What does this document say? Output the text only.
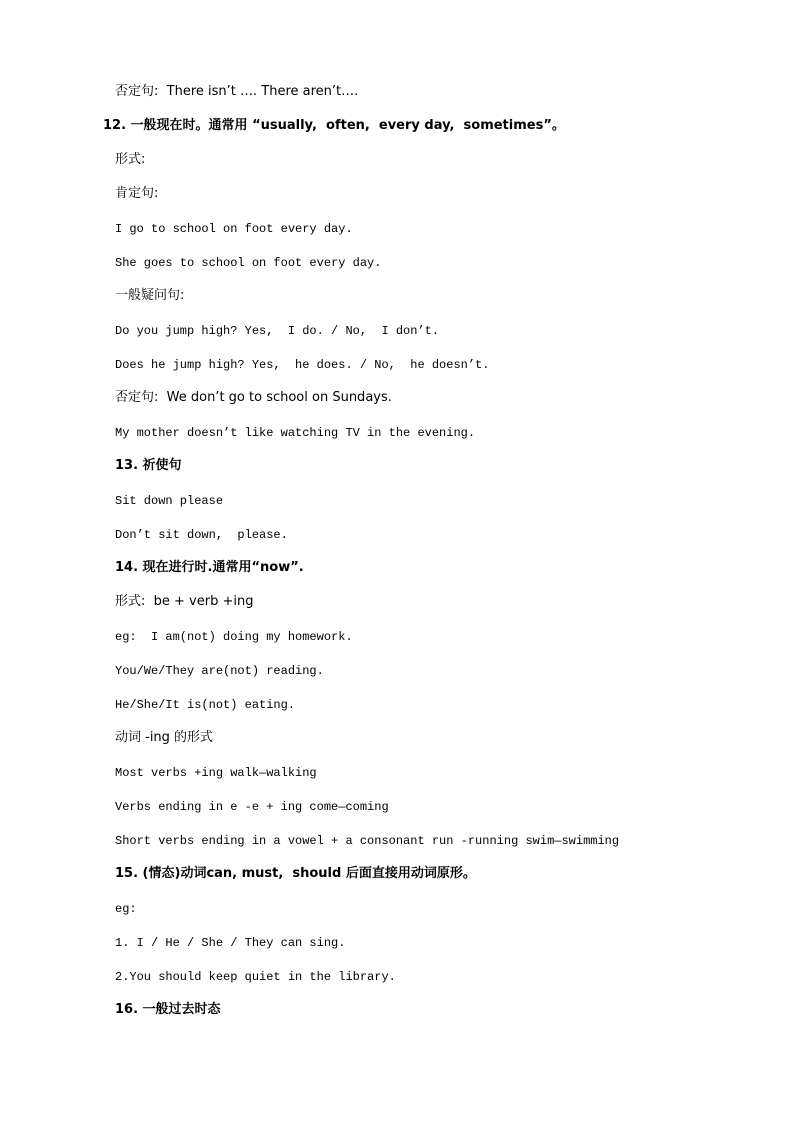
否定句:  There isn’t …. There aren’t….
12. 一般现在时。通常用 “usually,  often,  every day,  sometimes”。
形式:
肯定句:
I go to school on foot every day.
She goes to school on foot every day.
一般疑问句:
Do you jump high? Yes,  I do. / No,  I don’t.
Does he jump high? Yes,  he does. / No,  he doesn’t.
否定句:  We don’t go to school on Sundays.
My mother doesn’t like watching TV in the evening.
13. 祈使句
Sit down please
Don’t sit down,  please.
14. 现在进行时.通常用“now”.
形式:  be + verb +ing
eg:  I am(not) doing my homework.
You/We/They are(not) reading.
He/She/It is(not) eating.
动词 -ing 的形式
Most verbs +ing walk—walking
Verbs ending in e -e + ing come—coming
Short verbs ending in a vowel + a consonant run -running swim—swimming
15. (情态)动词can, must,  should 后面直接用动词原形。
eg:
1. I / He / She / They can sing.
2.You should keep quiet in the library.
16. 一般过去时态
